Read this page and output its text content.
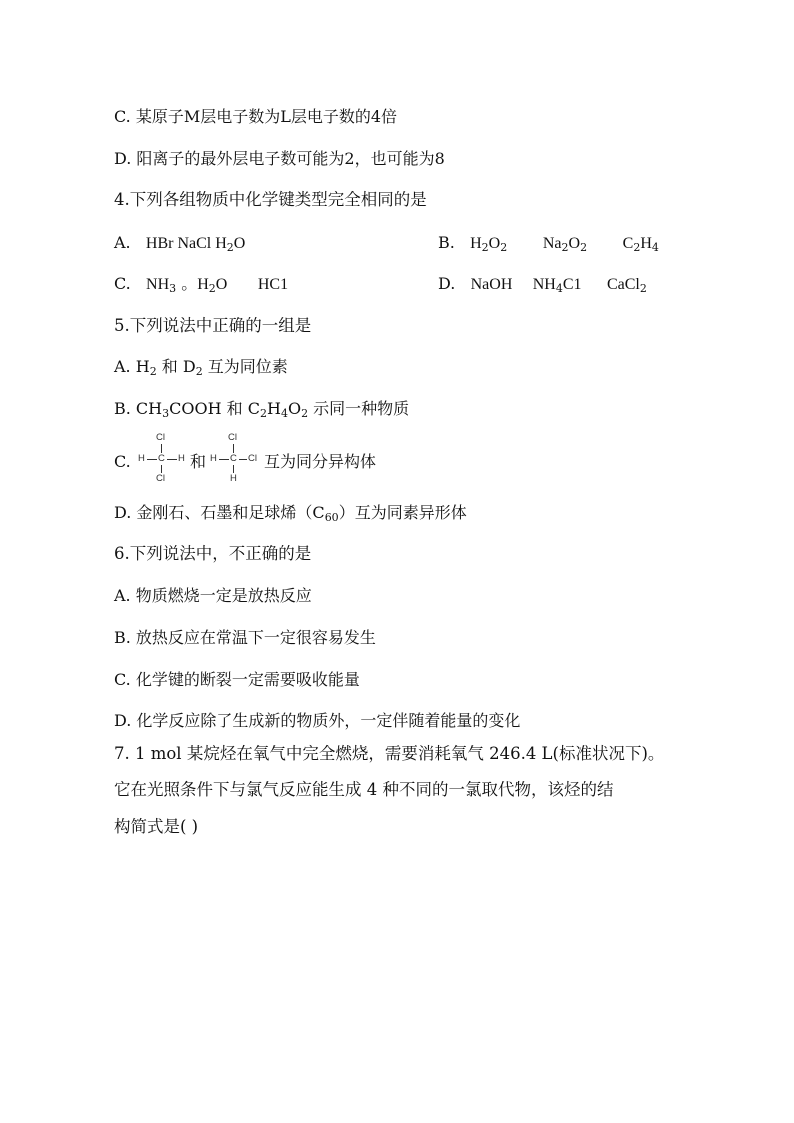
C. 某原子M层电子数为L层电子数的4倍
D. 阳离子的最外层电子数可能为2，也可能为8
4.下列各组物质中化学键类型完全相同的是
A. HBr NaCl $H_2O$	B. $H_2O_2$ $Na_2O_2$ $C_2H_4$
C. $NH_3$ 。$H_2O$ HC1	D. NaOH $NH_4C1$ CaCl$_2$
5.下列说法中正确的一组是
A. $H_2$ 和 $D_2$ 互为同位素
B. $CH_3COOH$ 和 $C_2H_4O_2$ 示同一种物质
C.
Cl
H C H
Cl
和
Cl
H C Cl
H
互为同分异构体
D. 金刚石、石墨和足球烯$(C_{60})$互为同素异形体
6.下列说法中，不正确的是
A. 物质燃烧一定是放热反应
B. 放热反应在常温下一定很容易发生
C. 化学键的断裂一定需要吸收能量
D. 化学反应除了生成新的物质外，一定伴随着能量的变化
7. 1 mol 某烷烃在氧气中完全燃烧，需要消耗氧气 246.4 L(标准状况下)。
它在光照条件下与氯气反应能生成 4 种不同的一氯取代物，该烃的结
构简式是( )
